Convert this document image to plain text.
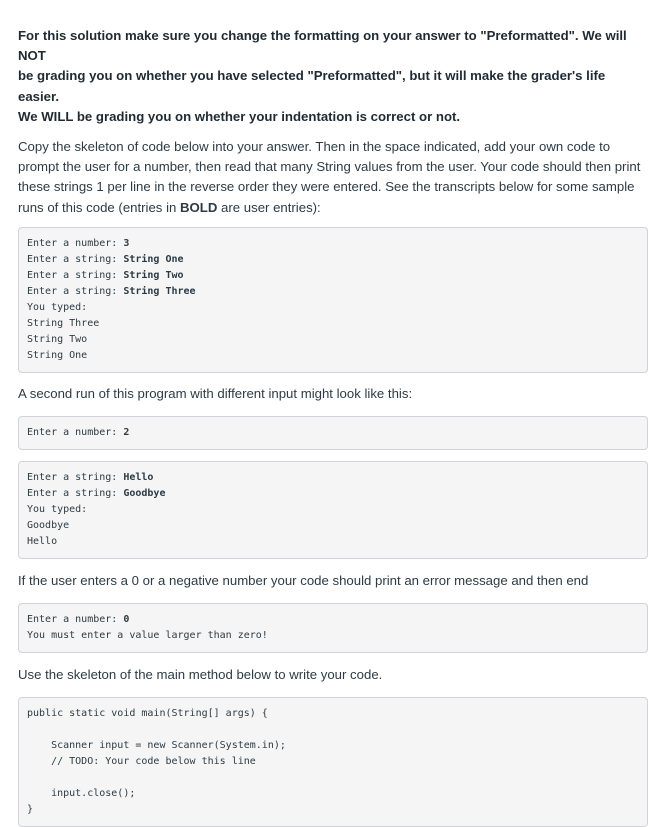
For this solution make sure you change the formatting on your answer to "Preformatted". We will NOT
be grading you on whether you have selected "Preformatted", but it will make the grader's life easier.
We WILL be grading you on whether your indentation is correct or not.

Copy the skeleton of code below into your answer. Then in the space indicated, add your own code to
prompt the user for a number, then read that many String values from the user. Your code should then print
these strings 1 per line in the reverse order they were entered. See the transcripts below for some sample
runs of this code (entries in BOLD are user entries):

Enter a number: 3
Enter a string: String One
Enter a string: String Two
Enter a string: String Three
You typed:
String Three
String Two
String One

A second run of this program with different input might look like this:

Enter a number: 2
Enter a string: Hello
Enter a string: Goodbye
You typed:
Goodbye
Hello

If the user enters a 0 or a negative number your code should print an error message and then end

Enter a number: 0
You must enter a value larger than zero!

Use the skeleton of the main method below to write your code.

public static void main(String[] args) {
Scanner input = new Scanner(System.in);
// TODO: Your code below this line
input.close();
}
